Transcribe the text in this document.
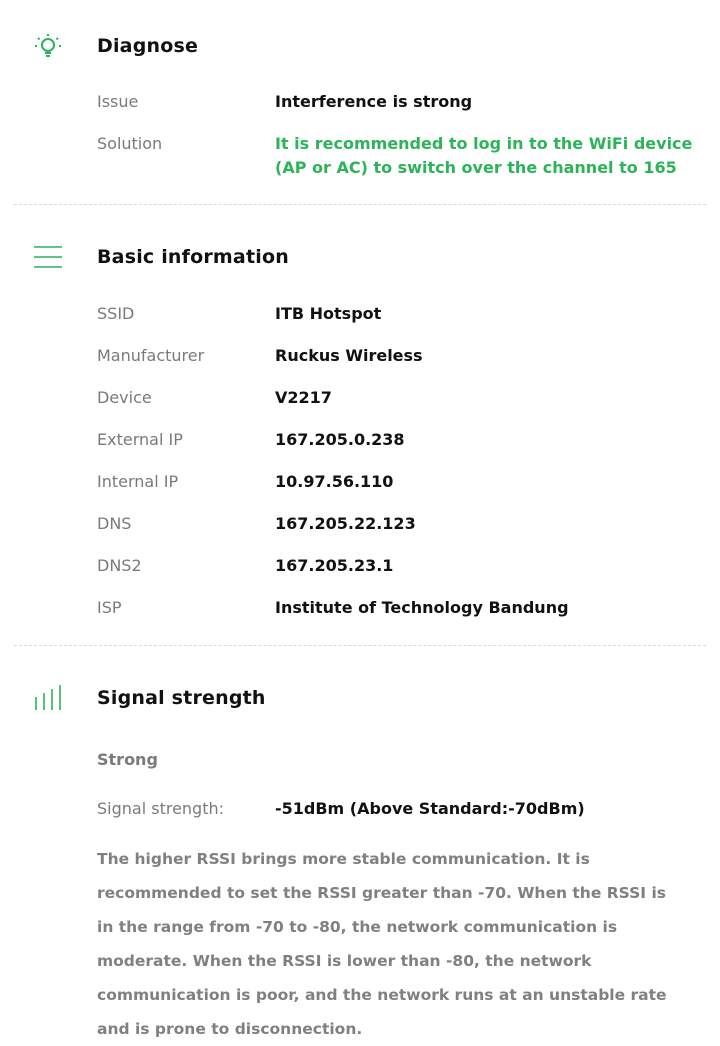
Diagnose
Issue	Interference is strong
Solution	It is recommended to log in to the WiFi device (AP or AC) to switch over the channel to 165
Basic information
SSID	ITB Hotspot
Manufacturer	Ruckus Wireless
Device	V2217
External IP	167.205.0.238
Internal IP	10.97.56.110
DNS	167.205.22.123
DNS2	167.205.23.1
ISP	Institute of Technology Bandung
Signal strength
Strong
Signal strength:	-51dBm (Above Standard:-70dBm)

The higher RSSI brings more stable communication. It is recommended to set the RSSI greater than -70. When the RSSI is in the range from -70 to -80, the network communication is moderate. When the RSSI is lower than -80, the network communication is poor, and the network runs at an unstable rate and is prone to disconnection.
